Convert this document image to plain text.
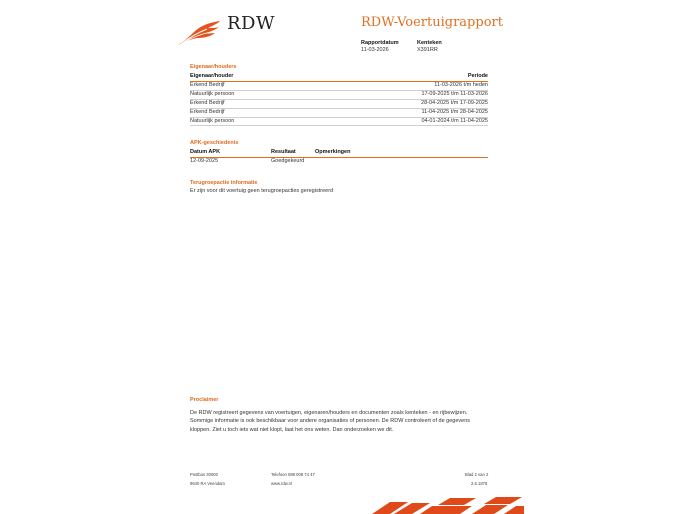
RDW	RDW-Voertuigrapport
Rapportdatum
11-03-2026
Kenteken
X391RR
Eigenaar/houders
Eigenaar/houder	Periode
Erkend Bedrijf	11-03-2026 t/m heden
Natuurlijk persoon	17-09-2025 t/m 11-03-2026
Erkend Bedrijf	28-04-2025 t/m 17-09-2025
Erkend Bedrijf	11-04-2025 t/m 28-04-2025
Natuurlijk persoon	04-01-2024 t/m 11-04-2025
APK-geschiedenis
Datum APK	Resultaat	Opmerkingen
12-09-2025	Goedgekeurd
Terugroepactie informatie
Er zijn voor dit voertuig geen terugroepacties geregistreerd
Proclaimer
De RDW registreert gegevens van voertuigen, eigenaren/houders en documenten zoals kenteken - en rijbewijzen.
Sommige informatie is ook beschikbaar voor andere organisaties of personen. De RDW controleert of de gegevens
kloppen. Ziet u toch iets wat niet klopt, laat het ons weten. Dan onderzoeken we dit.
Postbus 30000
9640 RA Veendam
Telefoon 088 008 74 47
www.rdw.nl
Blad 2 van 2
2.6.1878
